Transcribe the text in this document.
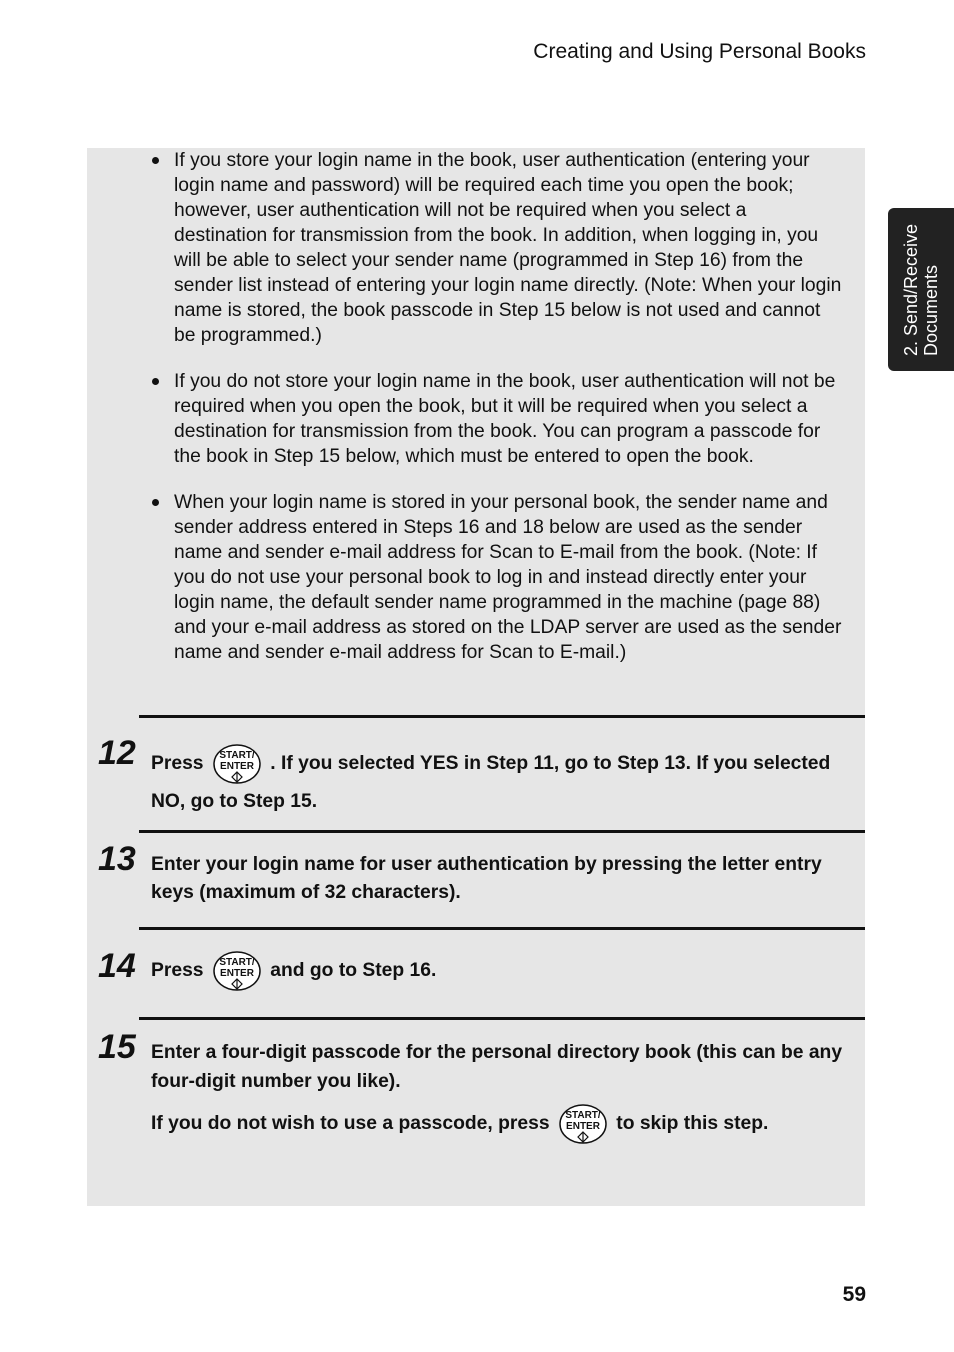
Creating and Using Personal Books
2. Send/Receive Documents
If you store your login name in the book, user authentication (entering your login name and password) will be required each time you open the book; however, user authentication will not be required when you select a destination for transmission from the book. In addition, when logging in, you will be able to select your sender name (programmed in Step 16) from the sender list instead of entering your login name directly. (Note: When your login name is stored, the book passcode in Step 15 below is not used and cannot be programmed.)
If you do not store your login name in the book, user authentication will not be required when you open the book, but it will be required when you select a destination for transmission from the book. You can program a passcode for the book in Step 15 below, which must be entered to open the book.
When your login name is stored in your personal book, the sender name and sender address entered in Steps 16 and 18 below are used as the sender name and sender e-mail address for Scan to E-mail from the book. (Note: If you do not use your personal book to log in and instead directly enter your login name, the default sender name programmed in the machine (page 88) and your e-mail address as stored on the LDAP server are used as the sender name and sender e-mail address for Scan to E-mail.)
12 Press START/
ENTER . If you selected YES in Step 11, go to Step 13. If you selected NO, go to Step 15.
13 Enter your login name for user authentication by pressing the letter entry keys (maximum of 32 characters).
14 Press START/
ENTER and go to Step 16.
15 Enter a four-digit passcode for the personal directory book (this can be any four-digit number you like).
If you do not wish to use a passcode, press START/
ENTER to skip this step.
59
